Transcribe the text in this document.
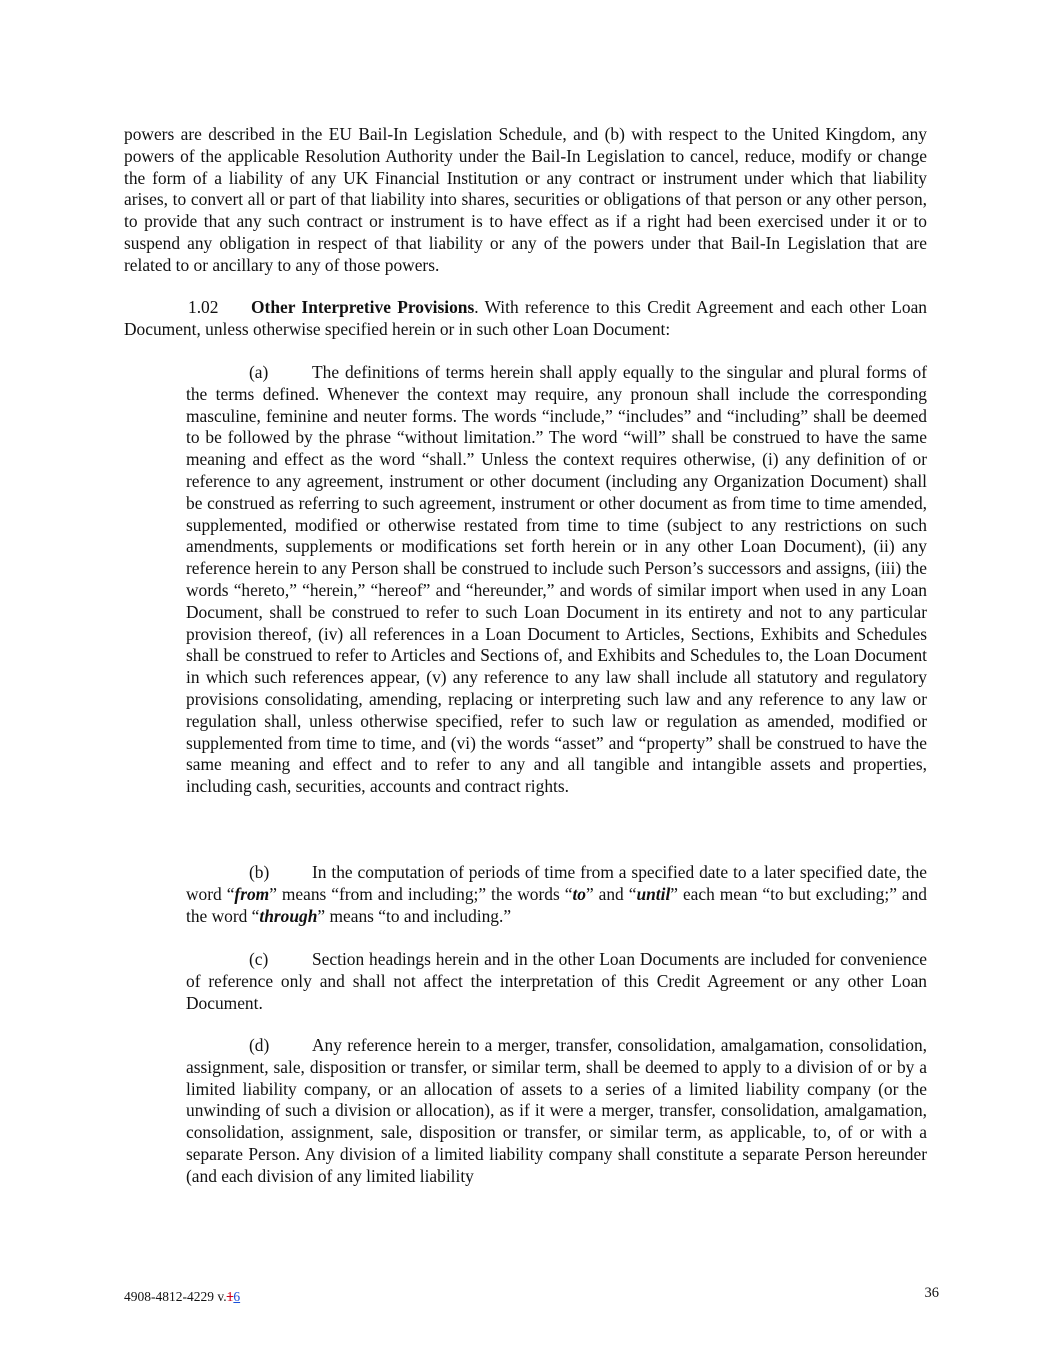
powers are described in the EU Bail-In Legislation Schedule, and (b) with respect to the United Kingdom, any powers of the applicable Resolution Authority under the Bail-In Legislation to cancel, reduce, modify or change the form of a liability of any UK Financial Institution or any contract or instrument under which that liability arises, to convert all or part of that liability into shares, securities or obligations of that person or any other person, to provide that any such contract or instrument is to have effect as if a right had been exercised under it or to suspend any obligation in respect of that liability or any of the powers under that Bail-In Legislation that are related to or ancillary to any of those powers.

1.02 Other Interpretive Provisions. With reference to this Credit Agreement and each other Loan Document, unless otherwise specified herein or in such other Loan Document:

(a)	The definitions of terms herein shall apply equally to the singular and plural forms of the terms defined. Whenever the context may require, any pronoun shall include the corresponding masculine, feminine and neuter forms. The words “include,” “includes” and “including” shall be deemed to be followed by the phrase “without limitation.” The word “will” shall be construed to have the same meaning and effect as the word “shall.” Unless the context requires otherwise, (i) any definition of or reference to any agreement, instrument or other document (including any Organization Document) shall be construed as referring to such agreement, instrument or other document as from time to time amended, supplemented, modified or otherwise restated from time to time (subject to any restrictions on such amendments, supplements or modifications set forth herein or in any other Loan Document), (ii) any reference herein to any Person shall be construed to include such Person’s successors and assigns, (iii) the words “hereto,” “herein,” “hereof” and “hereunder,” and words of similar import when used in any Loan Document, shall be construed to refer to such Loan Document in its entirety and not to any particular provision thereof, (iv) all references in a Loan Document to Articles, Sections, Exhibits and Schedules shall be construed to refer to Articles and Sections of, and Exhibits and Schedules to, the Loan Document in which such references appear, (v) any reference to any law shall include all statutory and regulatory provisions consolidating, amending, replacing or interpreting such law and any reference to any law or regulation shall, unless otherwise specified, refer to such law or regulation as amended, modified or supplemented from time to time, and (vi) the words “asset” and “property” shall be construed to have the same meaning and effect and to refer to any and all tangible and intangible assets and properties, including cash, securities, accounts and contract rights.

(b) In the computation of periods of time from a specified date to a later specified date, the word “from” means “from and including;” the words “to” and “until” each mean “to but excluding;” and the word “through” means “to and including.”

(c)	Section headings herein and in the other Loan Documents are included for convenience of reference only and shall not affect the interpretation of this Credit Agreement or any other Loan Document.

(d) Any reference herein to a merger, transfer, consolidation, amalgamation, consolidation, assignment, sale, disposition or transfer, or similar term, shall be deemed to apply to a division of or by a limited liability company, or an allocation of assets to a series of a limited liability company (or the unwinding of such a division or allocation), as if it were a merger, transfer, consolidation, amalgamation, consolidation, assignment, sale, disposition or transfer, or similar term, as applicable, to, of or with a separate Person. Any division of a limited liability company shall constitute a separate Person hereunder (and each division of any limited liability

4908-4812-4229 v.16	36
